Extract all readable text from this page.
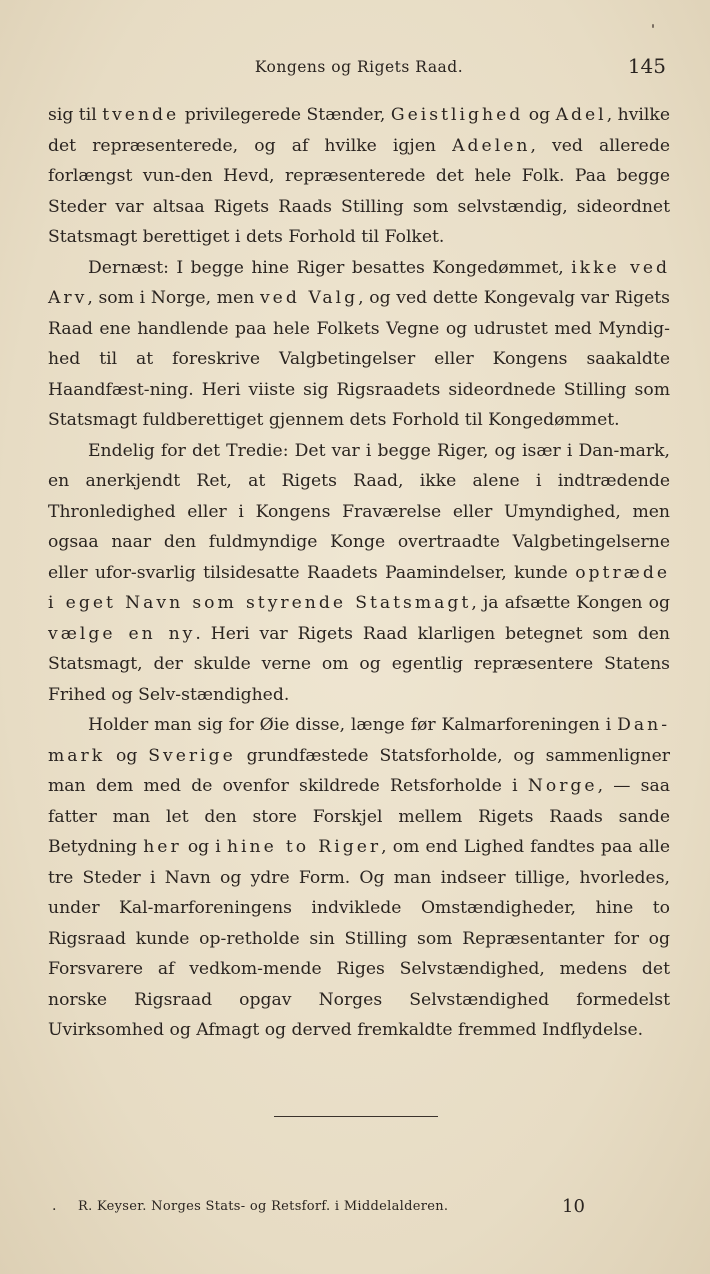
Kongens og Rigets Raad.	145

sig til tvende privilegerede Stænder, Geistlighed og Adel, hvilke det repræsenterede, og af hvilke igjen Adelen, ved allerede forlængst vun-den Hevd, repræsenterede det hele Folk. Paa begge Steder var altsaa Rigets Raads Stilling som selvstændig, sideordnet Statsmagt berettiget i dets Forhold til Folket.

Dernæst: I begge hine Riger besattes Kongedømmet, ikke ved Arv, som i Norge, men ved Valg, og ved dette Kongevalg var Rigets Raad ene handlende paa hele Folkets Vegne og udrustet med Myndig-hed til at foreskrive Valgbetingelser eller Kongens saakaldte Haandfæst-ning. Heri viiste sig Rigsraadets sideordnede Stilling som Statsmagt fuldberettiget gjennem dets Forhold til Kongedømmet.

Endelig for det Tredie: Det var i begge Riger, og især i Dan-mark, en anerkjendt Ret, at Rigets Raad, ikke alene i indtrædende Thronledighed eller i Kongens Fraværelse eller Umyndighed, men ogsaa naar den fuldmyndige Konge overtraadte Valgbetingelserne eller ufor-svarlig tilsidesatte Raadets Paamindelser, kunde optræde i eget Navn som styrende Statsmagt, ja afsætte Kongen og vælge en ny. Heri var Rigets Raad klarligen betegnet som den Statsmagt, der skulde verne om og egentlig repræsentere Statens Frihed og Selv-stændighed.

Holder man sig for Øie disse, længe før Kalmarforeningen i Dan-mark og Sverige grundfæstede Statsforholde, og sammenligner man dem med de ovenfor skildrede Retsforholde i Norge, — saa fatter man let den store Forskjel mellem Rigets Raads sande Betydning her og i hine to Riger, om end Lighed fandtes paa alle tre Steder i Navn og ydre Form. Og man indseer tillige, hvorledes, under Kal-marforeningens indviklede Omstændigheder, hine to Rigsraad kunde op-retholde sin Stilling som Repræsentanter for og Forsvarere af vedkom-mende Riges Selvstændighed, medens det norske Rigsraad opgav Norges Selvstændighed formedelst Uvirksomhed og Afmagt og derved fremkaldte fremmed Indflydelse.

. R. Keyser. Norges Stats- og Retsforf. i Middelalderen.	10
